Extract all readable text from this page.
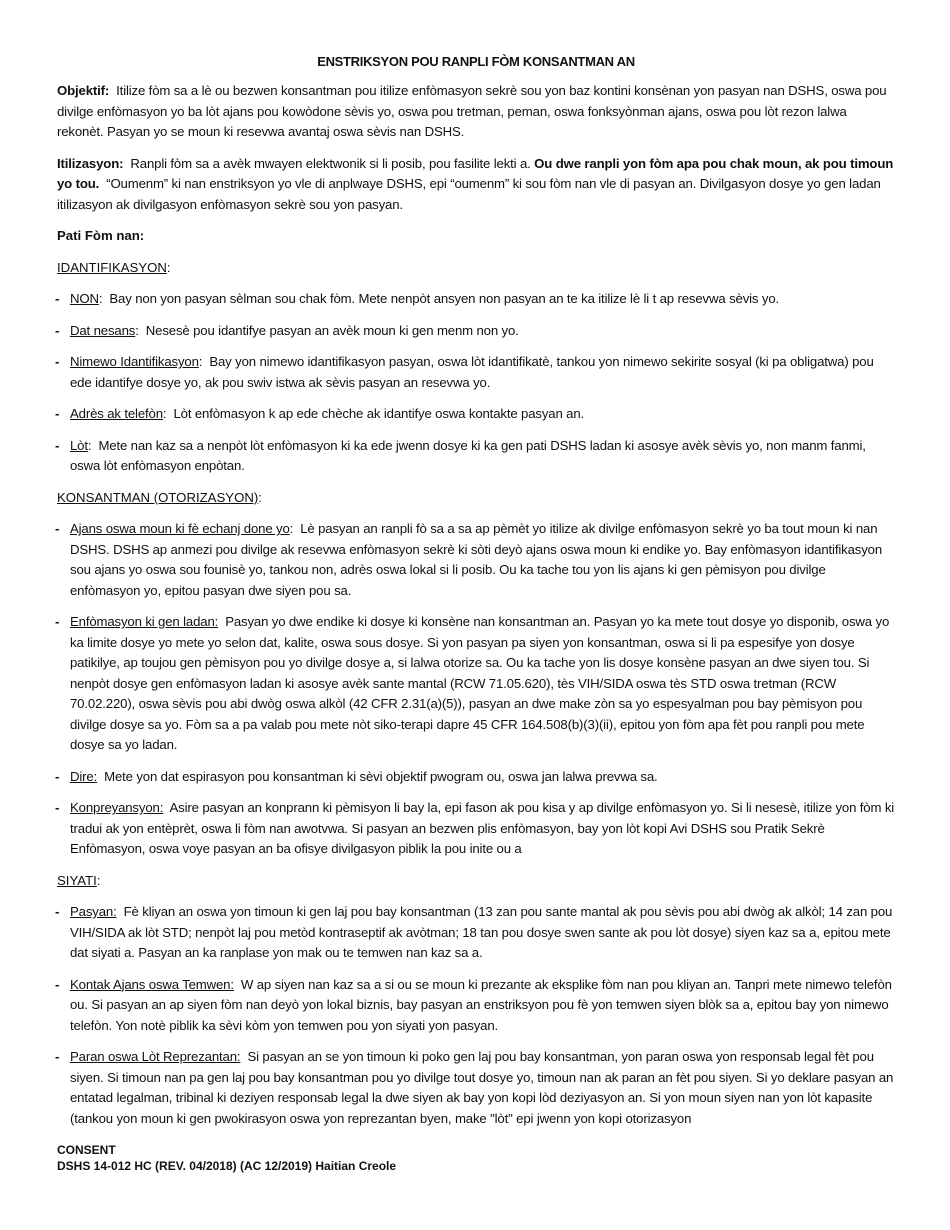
ENSTRIKSYON POU RANPLI FÒM KONSANTMAN AN

Objektif: Itilize fòm sa a lè ou bezwen konsantman pou itilize enfòmasyon sekrè sou yon baz kontini konsènan yon pasyan nan DSHS, oswa pou divilge enfòmasyon yo ba lòt ajans pou kowòdone sèvis yo, oswa pou tretman, peman, oswa fonksyònman ajans, oswa pou lòt rezon lalwa rekonèt. Pasyan yo se moun ki resevwa avantaj oswa sèvis nan DSHS.

Itilizasyon: Ranpli fòm sa a avèk mwayen elektwonik si li posib, pou fasilite lekti a. Ou dwe ranpli yon fòm apa pou chak moun, ak pou timoun yo tou. “Oumenm” ki nan enstriksyon yo vle di anplwaye DSHS, epi “oumenm” ki sou fòm nan vle di pasyan an. Divilgasyon dosye yo gen ladan itilizasyon ak divilgasyon enfòmasyon sekrè sou yon pasyan.

Pati Fòm nan:
IDANTIFIKASYON:
- NON:  Bay non yon pasyan sèlman sou chak fòm. Mete nenpòt ansyen non pasyan an te ka itilize lè li t ap resevwa sèvis yo.
- Dat nesans:  Nesesè pou idantifye pasyan an avèk moun ki gen menm non yo.
- Nimewo Idantifikasyon:  Bay yon nimewo idantifikasyon pasyan, oswa lòt idantifikatè, tankou yon nimewo sekirite sosyal (ki pa obligatwa) pou ede idantifye dosye yo, ak pou swiv istwa ak sèvis pasyan an resevwa yo.
- Adrès ak telefòn:  Lòt enfòmasyon k ap ede chèche ak idantifye oswa kontakte pasyan an.
- Lòt:  Mete nan kaz sa a nenpòt lòt enfòmasyon ki ka ede jwenn dosye ki ka gen pati DSHS ladan ki asosye avèk sèvis yo, non manm fanmi, oswa lòt enfòmasyon enpòtan.
KONSANTMAN (OTORIZASYON):
- Ajans oswa moun ki fè echanj done yo:  Lè pasyan an ranpli fò sa a sa ap pèmèt yo itilize ak divilge enfòmasyon sekrè yo ba tout moun ki nan DSHS. DSHS ap anmezi pou divilge ak resevwa enfòmasyon sekrè ki sòti deyò ajans oswa moun ki endike yo. Bay enfòmasyon idantifikasyon sou ajans yo oswa sou founisè yo, tankou non, adrès oswa lokal si li posib. Ou ka tache tou yon lis ajans ki gen pèmisyon pou divilge enfòmasyon yo, epitou pasyan dwe siyen pou sa.
- Enfòmasyon ki gen ladan: Pasyan yo dwe endike ki dosye ki konsène nan konsantman an. Pasyan yo ka mete tout dosye yo disponib, oswa yo ka limite dosye yo mete yo selon dat, kalite, oswa sous dosye. Si yon pasyan pa siyen yon konsantman, oswa si li pa espesifye yon dosye patikilye, ap toujou gen pèmisyon pou yo divilge dosye a, si lalwa otorize sa. Ou ka tache yon lis dosye konsène pasyan an dwe siyen tou. Si nenpòt dosye gen enfòmasyon ladan ki asosye avèk sante mantal (RCW 71.05.620), tès VIH/SIDA oswa tès STD oswa tretman (RCW 70.02.220), oswa sèvis pou abi dwòg oswa alkòl (42 CFR 2.31(a)(5)), pasyan an dwe make zòn sa yo espesyalman pou bay pèmisyon pou divilge dosye sa yo. Fòm sa a pa valab pou mete nòt siko-terapi dapre 45 CFR 164.508(b)(3)(ii), epitou yon fòm apa fèt pou ranpli pou mete dosye sa yo ladan.
- Dire: Mete yon dat espirasyon pou konsantman ki sèvi objektif pwogram ou, oswa jan lalwa prevwa sa.
- Konpreyansyon: Asire pasyan an konprann ki pèmisyon li bay la, epi fason ak pou kisa y ap divilge enfòmasyon yo. Si li nesesè, itilize yon fòm ki tradui ak yon entèprèt, oswa li fòm nan awotvwa. Si pasyan an bezwen plis enfòmasyon, bay yon lòt kopi Avi DSHS sou Pratik Sekrè Enfòmasyon, oswa voye pasyan an ba ofisye divilgasyon piblik la pou inite ou a
SIYATI:
- Pasyan: Fè kliyan an oswa yon timoun ki gen laj pou bay konsantman (13 zan pou sante mantal ak pou sèvis pou abi dwòg ak alkòl; 14 zan pou VIH/SIDA ak lòt STD; nenpòt laj pou metòd kontraseptif ak avòtman; 18 tan pou dosye swen sante ak pou lòt dosye) siyen kaz sa a, epitou mete dat siyati a. Pasyan an ka ranplase yon mak ou te temwen nan kaz sa a.
- Kontak Ajans oswa Temwen: W ap siyen nan kaz sa a si ou se moun ki prezante ak eksplike fòm nan pou kliyan an. Tanpri mete nimewo telefòn ou. Si pasyan an ap siyen fòm nan deyò yon lokal biznis, bay pasyan an enstriksyon pou fè yon temwen siyen blòk sa a, epitou bay yon nimewo telefòn. Yon notè piblik ka sèvi kòm yon temwen pou yon siyati yon pasyan.
- Paran oswa Lòt Reprezantan: Si pasyan an se yon timoun ki poko gen laj pou bay konsantman, yon paran oswa yon responsab legal fèt pou siyen. Si timoun nan pa gen laj pou bay konsantman pou yo divilge tout dosye yo, timoun nan ak paran an fèt pou siyen. Si yo deklare pasyan an entatad legalman, tribinal ki deziyen responsab legal la dwe siyen ak bay yon kopi lòd deziyasyon an. Si yon moun siyen nan yon lòt kapasite (tankou yon moun ki gen pwokirasyon oswa yon reprezantan byen, make "lòt" epi jwenn yon kopi otorizasyon
CONSENT
DSHS 14-012 HC (REV. 04/2018) (AC 12/2019) Haitian Creole
